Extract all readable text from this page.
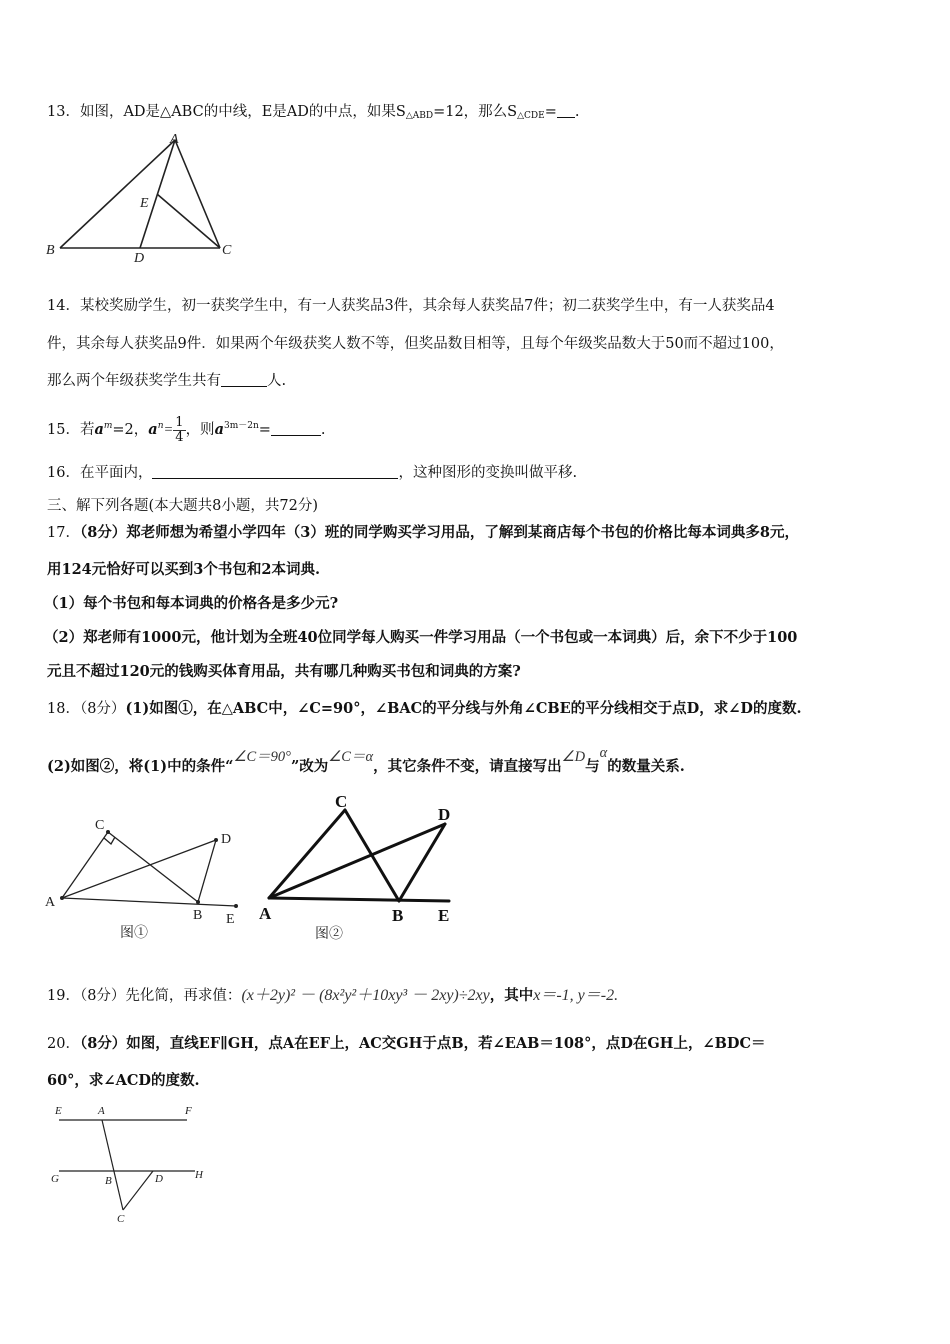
13．如图，AD是△ABC的中线，E是AD的中点，如果$S_{\triangle ABD}=12$，那么$S_{\triangle CDE}=$ .
A
B	C
D
E
14．某校奖励学生，初一获奖学生中，有一人获奖品3件，其余每人获奖品7件；初二获奖学生中，有一人获奖品4
件，其余每人获奖品9件．如果两个年级获奖人数不等，但奖品数目相等，且每个年级奖品数大于50而不超过100，
那么两个年级获奖学生共有	人.
15．若$a^m=2$，$a^n= \frac{1}{4}$ ，则$a^{3m-2n}=$	.
16．在平面内，	，这种图形的变换叫做平移.
三、解下列各题(本大题共8小题，共72分)
17．（8分）郑老师想为希望小学四年（3）班的同学购买学习用品，了解到某商店每个书包的价格比每本词典多8元，
用124元恰好可以买到3个书包和2本词典.
（1）每个书包和每本词典的价格各是多少元?
（2）郑老师有1000元，他计划为全班40位同学每人购买一件学习用品（一个书包或一本词典）后，余下不少于100
元且不超过120元的钱购买体育用品，共有哪几种购买书包和词典的方案?
18．（8分）(1)如图①，在△ABC中，∠C=90°，∠BAC的平分线与外角∠CBE的平分线相交于点D，求∠D的度数.
(2)如图②，将(1)中的条件“∠C＝90°”改为∠C＝α，其它条件不变，请直接写出∠D与α的数量关系.
A
B
C
D
E
图①
A	B
C
D
E
图②
19．（8分）先化简，再求值：(x＋2y)² － (8x²y²＋10xy³ － 2xy)÷2xy，其中x＝-1, y＝-2.
20．（8分）如图，直线EF∥GH，点A在EF上，AC交GH于点B，若∠EAB＝108°，点D在GH上，∠BDC＝
60°，求∠ACD的度数.
E	A	F
G	B	D	H
C
